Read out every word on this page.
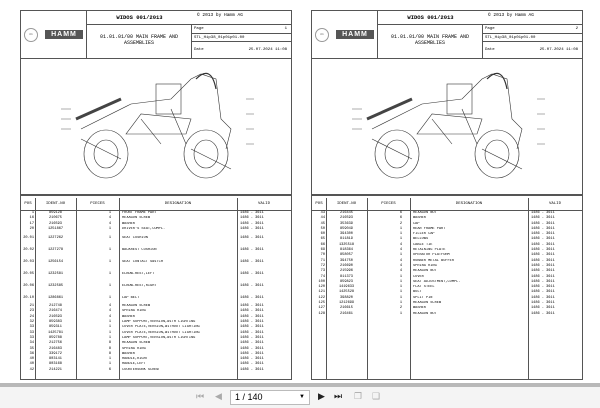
WG	HAMM
WIDOS 001/2013	© 2013 by Hamm AG
01.01.01/00 MAIN FRAME AND ASSEMBLIES
Page	1
STL_Hip38_01p01p01-00
Date	25.07.2024 11:08
POS	IDENT-NO	PIECES	DESIGNATION	VALID
1	859128	1	FRONT FRAME PART	1486 - 3611
16	210675	4	HEXAGON SCREW	1486 - 3611
17	216593	4	WASHER	1486 - 3611
20	1251867	1	DRIVER'S SEAT,COMPL.	1486 - 3611
20.01	1227262	1	SEAT CUSHION	1486 - 3611
20.02	1227278	1	BACKREST CUSHION	1486 - 3611
20.03	1256154	1	SEAT CONTACT SWITCH	1486 - 3611
20.05	1232581	1	ELBOW-REST,LEFT	1486 - 3611
20.06	1232585	1	ELBOW-REST,RIGHT	1486 - 3611
20.10	1286861	1	LAP BELT	1486 - 3611
21	212748	4	HEXAGON SCREW	1486 - 3611
23	216474	4	SPRING RING	1486 - 3611
24	216593	4	WASHER	1486 - 3611
32	859383	1	LAMP SUPPORT,VERSION,WITH LIGHTING	1486 - 3611
33	859311	1	COVER PLATE,VERSION,WITHOUT LIGHTING	1486 - 3611
33	1425781	1	COVER PLATE,VERSION,WITHOUT LIGHTING	1486 - 3611
33	859788	1	LAMP SUPPORT,VERSION,WITH LIGHTING	1486 - 3611
34	212756	8	HEXAGON SCREW	1486 - 3611
35	216483	8	SPRING RING	1486 - 3611
36	339172	8	WASHER	1486 - 3611
40	803141	1	HANDLE,RIGHT	1486 - 3611
40	803168	1	HANDLE,LEFT	1486 - 3611
42	214221	6	COUNTERSUNK SCREW	1486 - 3611
WG	HAMM
WIDOS 001/2013	© 2013 by Hamm AG
01.01.01/00 MAIN FRAME AND ASSEMBLIES
Page	2
STL_Hip38_01p01p01-00
Date	25.07.2024 11:08
POS	IDENT-NO	PIECES	DESIGNATION	VALID
43	216445	6	HEXAGON NUT	1486 - 3611
44	216593	6	WASHER	1486 - 3611
45	353639	2	CAP	1486 - 3611
50	859049	1	REAR FRAME PART	1486 - 3611
60	394300	1	FILLER CAP	1486 - 3611
65	811819	1	BELLOWS	1486 - 3611
66	1325518	4	CABLE TIE	1486 - 3611
69	818364	4	RETAINING PLATE	1486 - 3611
70	858057	1	OPERATOR PLATFORM	1486 - 3611
71	394750	4	RUBBER METAL BUFFER	1486 - 3611
72	216690	4	SPRING RING	1486 - 3611
73	215996	4	HEXAGON NUT	1486 - 3611
74	811373	1	COVER	1486 - 3611
100	859823	1	SEAT ADJUSTMENT,COMPL.	1486 - 3611
120	1419633	1	FLAT STEEL	1486 - 3611
121	1425528	1	BOLT	1486 - 3611
122	398820	1	SPLIT PIN	1486 - 3611
125	1212699	1	HEXAGON SCREW	1486 - 3611
127	216615	2	WASHER	1486 - 3611
128	216461	1	HEXAGON NUT	1486 - 3611
⏮ ◀	1 / 140	▼ ▶ ⏭ ❐ ❑
